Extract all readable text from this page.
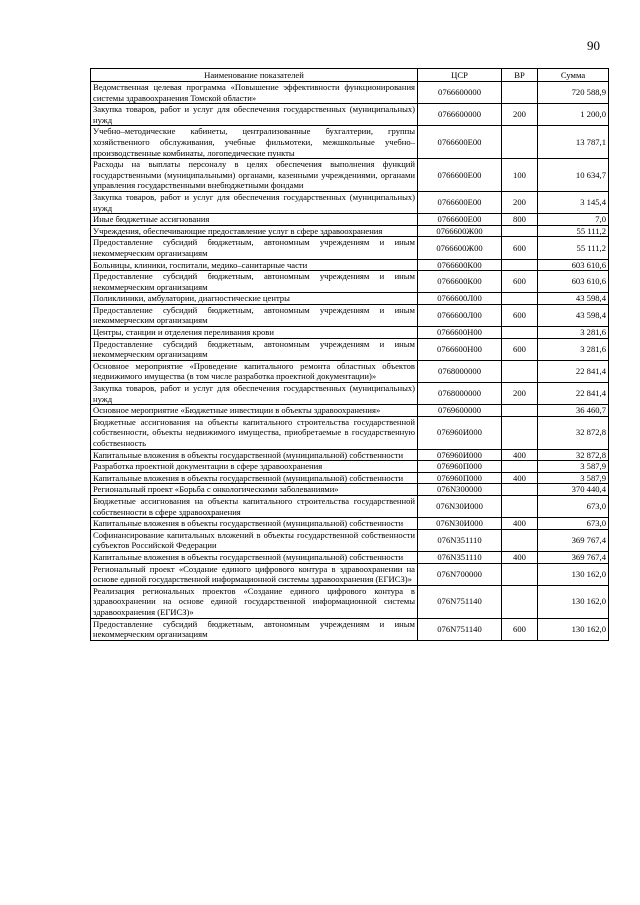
90
Наименование показателей	ЦСР	ВР	Сумма
Ведомственная целевая программа «Повышение эффективности функционирования системы здравоохранения Томской области»	0766600000		720 588,9
Закупка товаров, работ и услуг для обеспечения государственных (муниципальных) нужд	0766600000	200	1 200,0
Учебно–методические кабинеты, централизованные бухгалтерии, группы хозяйственного обслуживания, учебные фильмотеки, межшкольные учебно–производственные комбинаты, логопедические пункты	0766600Е00		13 787,1
Расходы на выплаты персоналу в целях обеспечения выполнения функций государственными (муниципальными) органами, казенными учреждениями, органами управления государственными внебюджетными фондами	0766600Е00	100	10 634,7
Закупка товаров, работ и услуг для обеспечения государственных (муниципальных) нужд	0766600Е00	200	3 145,4
Иные бюджетные ассигнования	0766600Е00	800	7,0
Учреждения, обеспечивающие предоставление услуг в сфере здравоохранения	0766600Ж00		55 111,2
Предоставление субсидий бюджетным, автономным учреждениям и иным некоммерческим организациям	0766600Ж00	600	55 111,2
Больницы, клиники, госпитали, медико–санитарные части	0766600К00		603 610,6
Предоставление субсидий бюджетным, автономным учреждениям и иным некоммерческим организациям	0766600К00	600	603 610,6
Поликлиники, амбулатории, диагностические центры	0766600Л00		43 598,4
Предоставление субсидий бюджетным, автономным учреждениям и иным некоммерческим организациям	0766600Л00	600	43 598,4
Центры, станции и отделения переливания крови	0766600Н00		3 281,6
Предоставление субсидий бюджетным, автономным учреждениям и иным некоммерческим организациям	0766600Н00	600	3 281,6
Основное мероприятие «Проведение капитального ремонта областных объектов недвижимого имущества (в том числе разработка проектной документации)»	0768000000		22 841,4
Закупка товаров, работ и услуг для обеспечения государственных (муниципальных) нужд	0768000000	200	22 841,4
Основное мероприятие «Бюджетные инвестиции в объекты здравоохранения»	0769600000		36 460,7
Бюджетные ассигнования на объекты капитального строительства государственной собственности, объекты недвижимого имущества, приобретаемые в государственную собственность	076960И000		32 872,8
Капитальные вложения в объекты государственной (муниципальной) собственности	076960И000	400	32 872,8
Разработка проектной документации в сфере здравоохранения	076960П000		3 587,9
Капитальные вложения в объекты государственной (муниципальной) собственности	076960П000	400	3 587,9
Региональный проект «Борьба с онкологическими заболеваниями»	076N300000		370 440,4
Бюджетные ассигнования на объекты капитального строительства государственной собственности в сфере здравоохранения	076N30И000		673,0
Капитальные вложения в объекты государственной (муниципальной) собственности	076N30И000	400	673,0
Софинансирование капитальных вложений в объекты государственной собственности субъектов Российской Федерации	076N351110		369 767,4
Капитальные вложения в объекты государственной (муниципальной) собственности	076N351110	400	369 767,4
Региональный проект «Создание единого цифрового контура в здравоохранении на основе единой государственной информационной системы здравоохранения (ЕГИСЗ)»	076N700000		130 162,0
Реализация региональных проектов «Создание единого цифрового контура в здравоохранении на основе единой государственной информационной системы здравоохранения (ЕГИСЗ)»	076N751140		130 162,0
Предоставление субсидий бюджетным, автономным учреждениям и иным некоммерческим организациям	076N751140	600	130 162,0
